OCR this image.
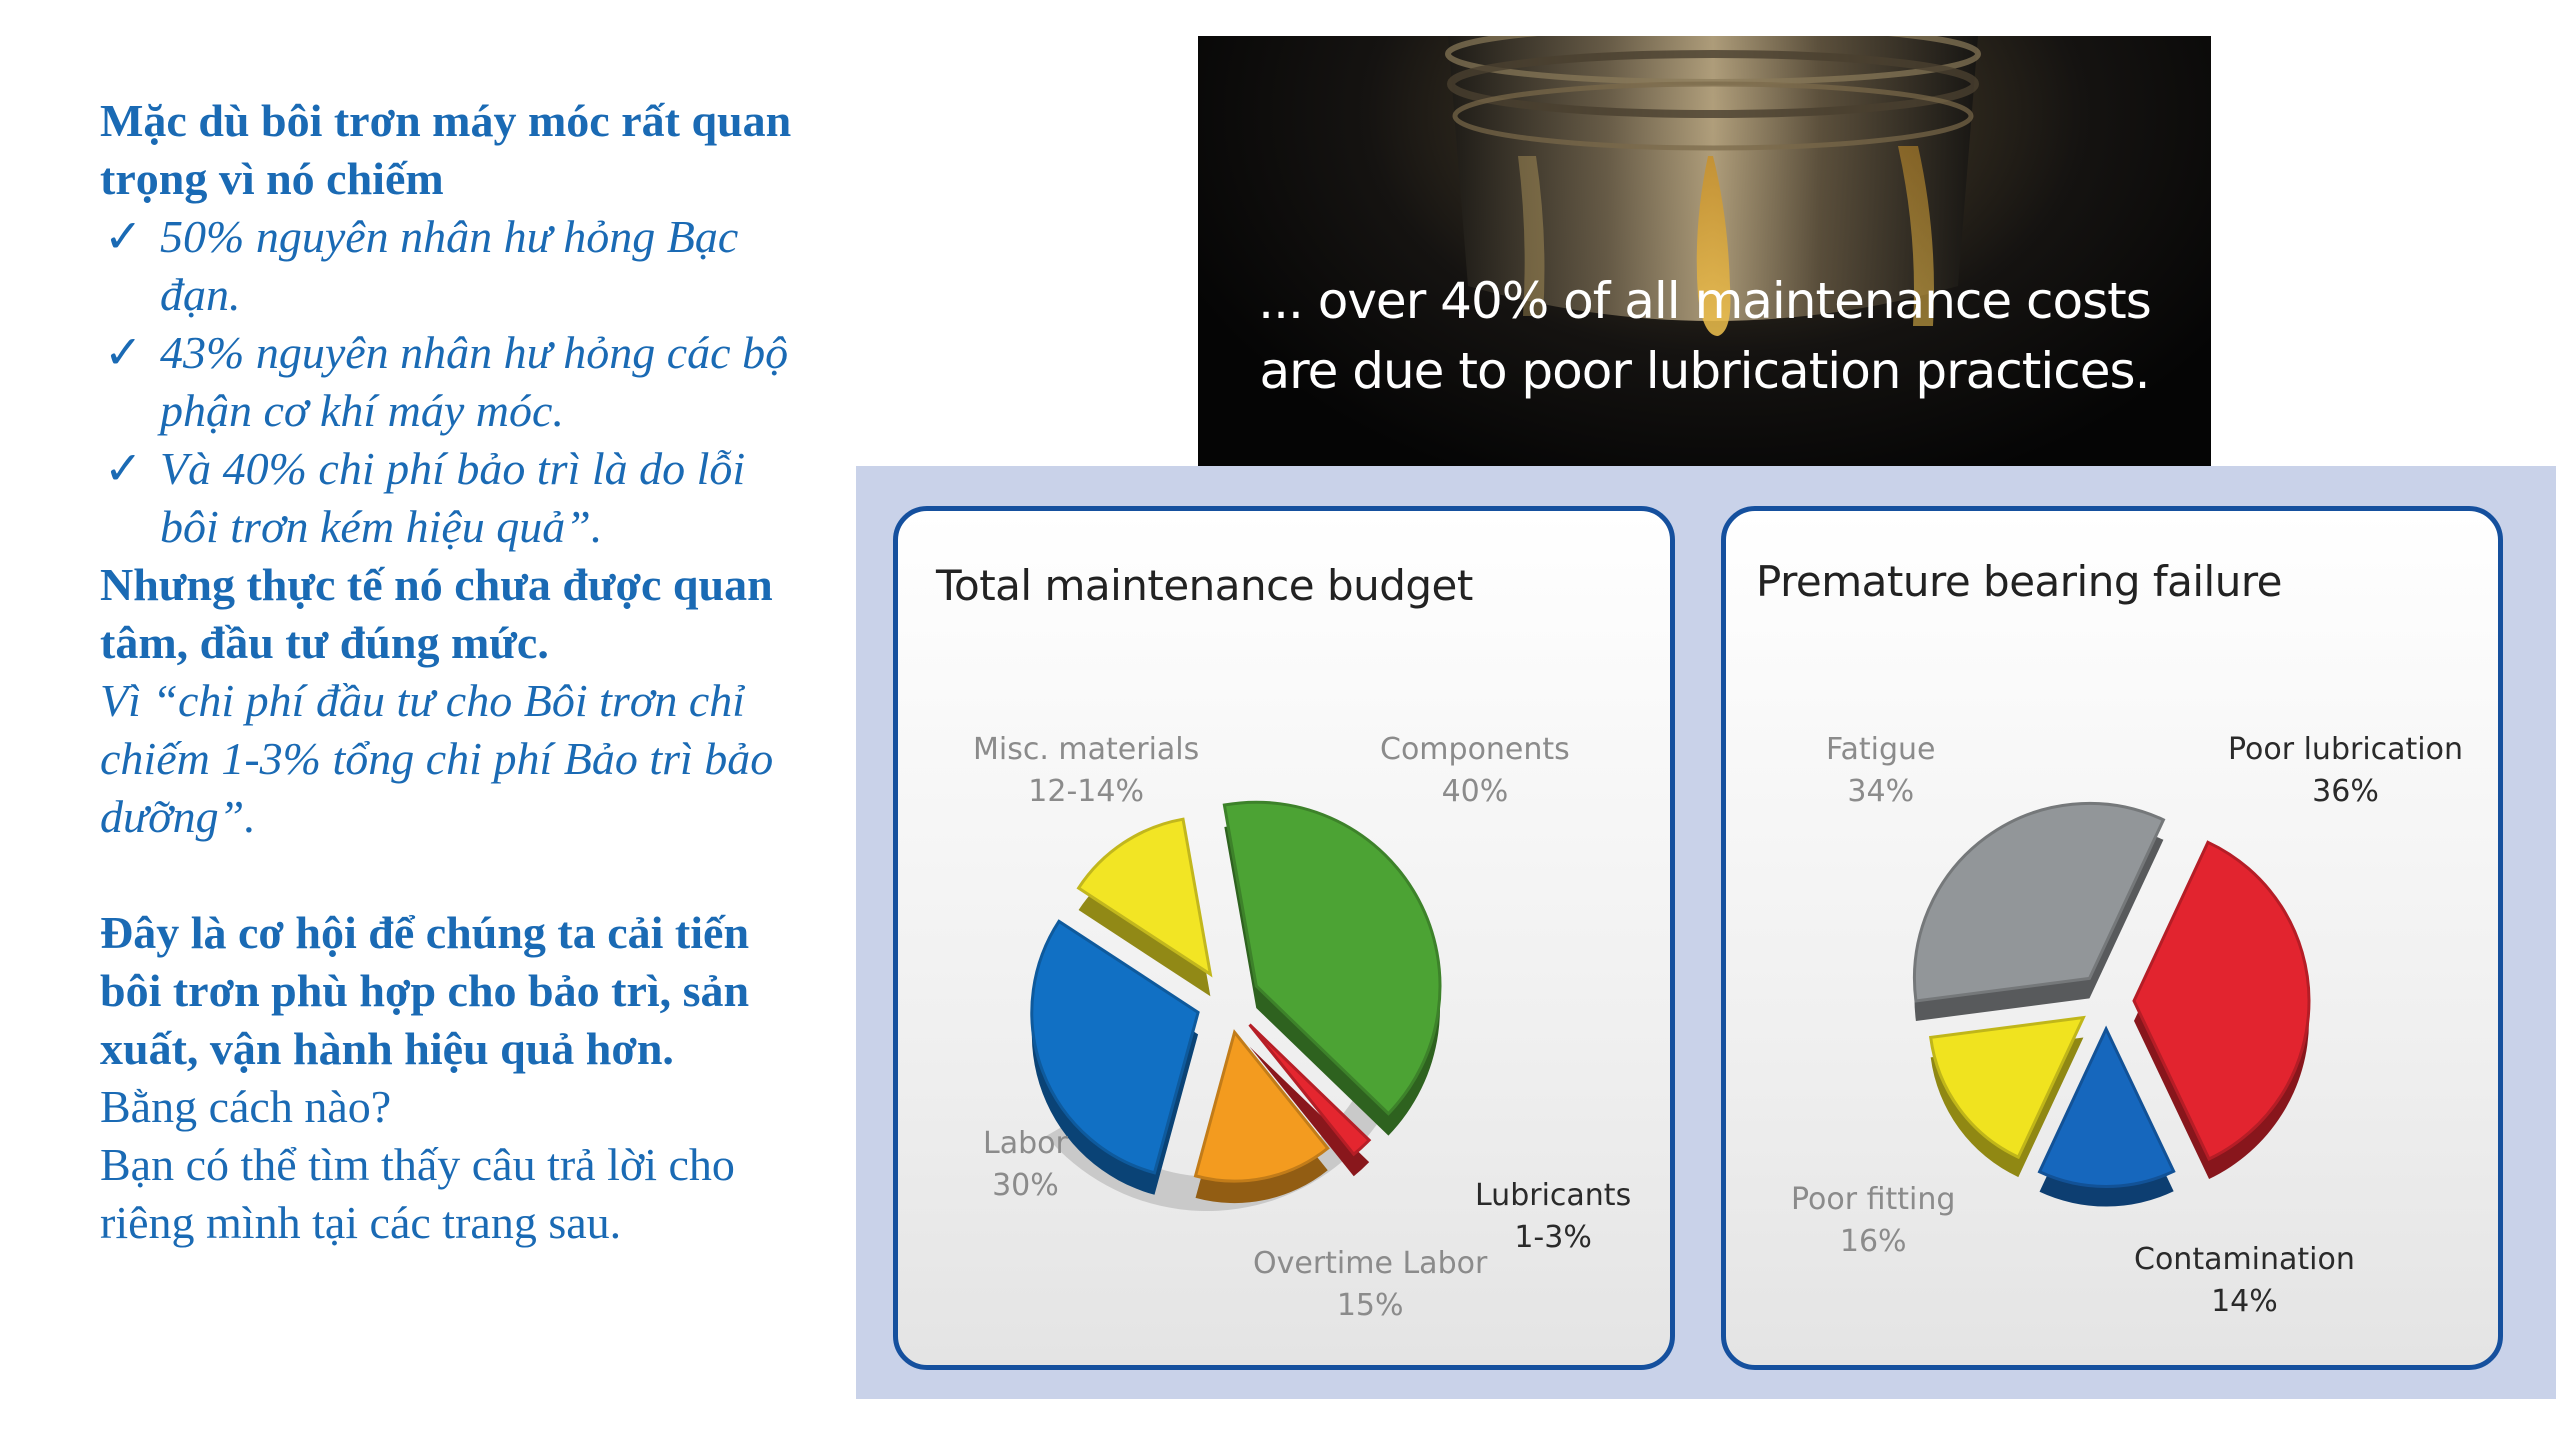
Mặc dù bôi trơn máy móc rất quan trọng vì nó chiếm

✓ 50% nguyên nhân hư hỏng Bạc đạn.
✓ 43% nguyên nhân hư hỏng các bộ phận cơ khí máy móc.
✓ Và 40% chi phí bảo trì là do lỗi bôi trơn kém hiệu quả”.

Nhưng thực tế nó chưa được quan tâm, đầu tư đúng mức.

Vì “chi phí đầu tư cho Bôi trơn chỉ chiếm 1-3% tổng chi phí Bảo trì bảo dưỡng”.

Đây là cơ hội để chúng ta cải tiến bôi trơn phù hợp cho bảo trì, sản xuất, vận hành hiệu quả hơn.

Bằng cách nào?

Bạn có thể tìm thấy câu trả lời cho riêng mình tại các trang sau.

... over 40% of all maintenance costs
are due to poor lubrication practices.
Total maintenance budget
Misc. materials
12-14%
Components
40%
Labor
30%	Lubricants
1-3%
Overtime Labor
15%
Premature bearing failure
Fatigue
34%
Poor lubrication
36%
Poor fitting
16%
Contamination
14%
